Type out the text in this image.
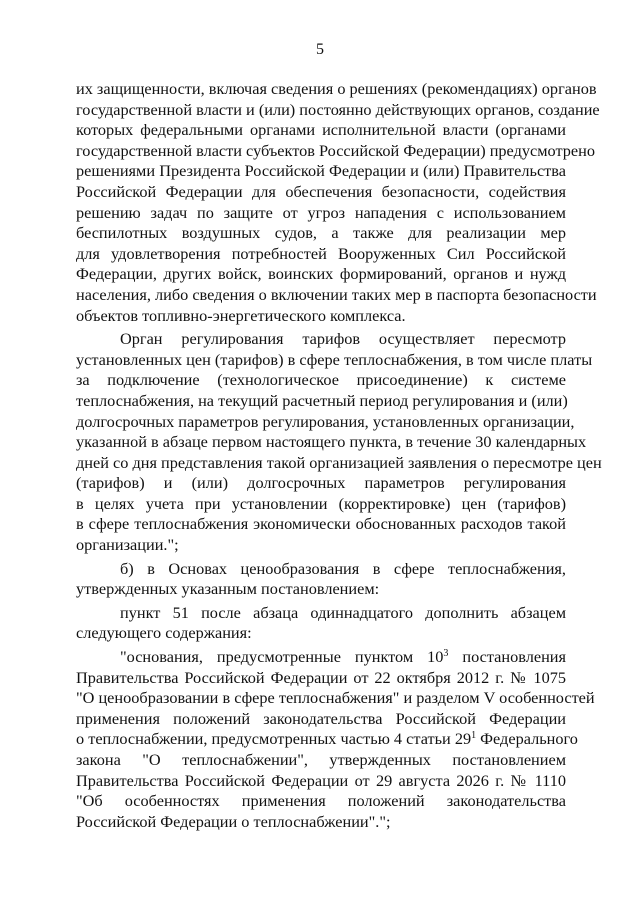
5
их защищенности, включая сведения о решениях (рекомендациях) органов
государственной власти и (или) постоянно действующих органов, создание
которых федеральными органами исполнительной власти (органами
государственной власти субъектов Российской Федерации) предусмотрено
решениями Президента Российской Федерации и (или) Правительства
Российской Федерации для обеспечения безопасности, содействия
решению задач по защите от угроз нападения с использованием
беспилотных воздушных судов, а также для реализации мер
для удовлетворения потребностей Вооруженных Сил Российской
Федерации, других войск, воинских формирований, органов и нужд
населения, либо сведения о включении таких мер в паспорта безопасности
объектов топливно-энергетического комплекса.
Орган регулирования тарифов осуществляет пересмотр
установленных цен (тарифов) в сфере теплоснабжения, в том числе платы
за подключение (технологическое присоединение) к системе
теплоснабжения, на текущий расчетный период регулирования и (или)
долгосрочных параметров регулирования, установленных организации,
указанной в абзаце первом настоящего пункта, в течение 30 календарных
дней со дня представления такой организацией заявления о пересмотре цен
(тарифов) и (или) долгосрочных параметров регулирования
в целях учета при установлении (корректировке) цен (тарифов)
в сфере теплоснабжения экономически обоснованных расходов такой
организации.";
б) в Основах ценообразования в сфере теплоснабжения,
утвержденных указанным постановлением:
пункт 51 после абзаца одиннадцатого дополнить абзацем
следующего содержания:
"основания, предусмотренные пунктом $10^3$ постановления
Правительства Российской Федерации от 22 октября 2012 г. № 1075
"О ценообразовании в сфере теплоснабжения" и разделом V особенностей
применения положений законодательства Российской Федерации
о теплоснабжении, предусмотренных частью 4 статьи $29^1$ Федерального
закона "О теплоснабжении", утвержденных постановлением
Правительства Российской Федерации от 29 августа 2026 г. № 1110
"Об особенностях применения положений законодательства
Российской Федерации о теплоснабжении".";
